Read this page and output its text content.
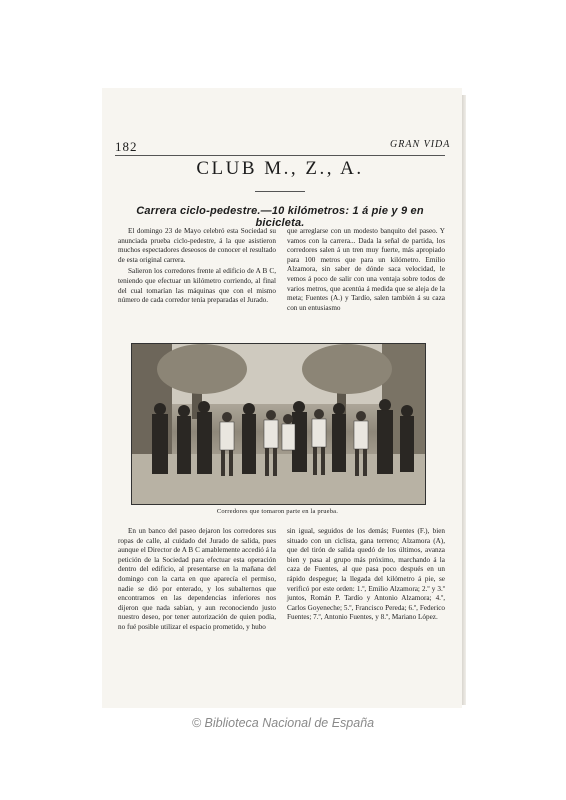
182	GRAN VIDA
CLUB M., Z., A.
Carrera ciclo-pedestre.—10 kilómetros: 1 á pie y 9 en bicicleta.

El domingo 23 de Mayo celebró esta Sociedad su anunciada prueba ciclo-pedestre, á la que asistieron muchos espectadores deseosos de conocer el resultado de esta original carrera.

Salieron los corredores frente al edificio de A B C, teniendo que efectuar un kilómetro corriendo, al final del cual tomarían las máquinas que con el mismo número de cada corredor tenía preparadas el Jurado.

que arreglarse con un modesto banquito del paseo. Y vamos con la carrera... Dada la señal de partida, los corredores salen á un tren muy fuerte, más apropiado para 100 metros que para un kilómetro. Emilio Alzamora, sin saber de dónde saca velocidad, le vemos á poco de salir con una ventaja sobre todos de varios metros, que acentúa á medida que se aleja de la meta; Fuentes (A.) y Tardío, salen también á su caza con un entusiasmo

Corredores que tomaron parte en la prueba.

En un banco del paseo dejaron los corredores sus ropas de calle, al cuidado del Jurado de salida, pues aunque el Director de A B C amablemente accedió á la petición de la Sociedad para efectuar esta operación dentro del edificio, al presentarse en la mañana del domingo con la carta en que aparecía el permiso, nadie se dió por enterado, y los subalternos que encontramos en las dependencias inferiores nos dijeron que nada sabían, y aun reconociendo justo nuestro deseo, por tener autorización de quien podía, no fué posible utilizar el espacio prometido, y hubo

sin igual, seguidos de los demás; Fuentes (F.), bien situado con un ciclista, gana terreno; Alzamora (A), que del tirón de salida quedó de los últimos, avanza bien y pasa al grupo más próximo, marchando á la caza de Fuentes, al que pasa poco después en un rápido despegue; la llegada del kilómetro á pie, se verificó por este orden: 1.º, Emilio Alzamora; 2.º y 3.º juntos, Román P. Tardío y Antonio Alzamora; 4.º, Carlos Goyeneche; 5.º, Francisco Pereda; 6.º, Federico Fuentes; 7.º, Antonio Fuentes, y 8.º, Mariano López.

© Biblioteca Nacional de España
